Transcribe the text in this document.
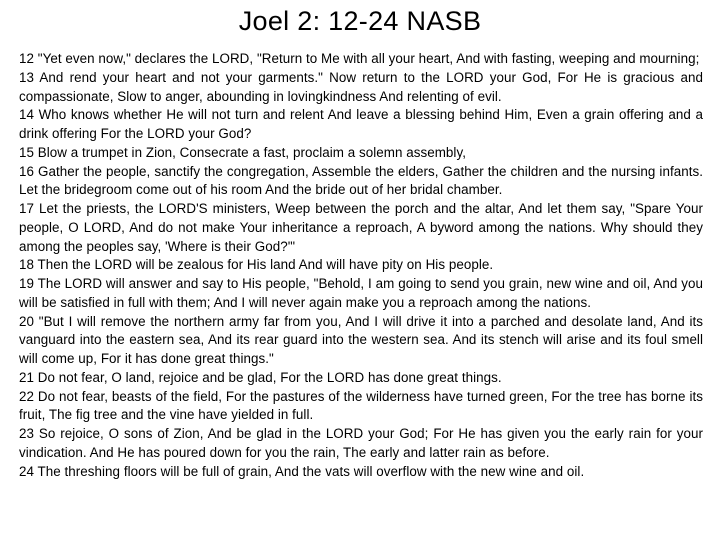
Joel 2: 12-24 NASB

12 "Yet even now," declares the LORD, "Return to Me with all your heart, And with fasting, weeping and mourning;

13 And rend your heart and not your garments." Now return to the LORD your God, For He is gracious and compassionate, Slow to anger, abounding in lovingkindness And relenting of evil.

14 Who knows whether He will not turn and relent And leave a blessing behind Him, Even a grain offering and a drink offering For the LORD your God?

15 Blow a trumpet in Zion, Consecrate a fast, proclaim a solemn assembly,

16 Gather the people, sanctify the congregation, Assemble the elders, Gather the children and the nursing infants. Let the bridegroom come out of his room And the bride out of her bridal chamber.

17 Let the priests, the LORD'S ministers, Weep between the porch and the altar, And let them say, "Spare Your people, O LORD, And do not make Your inheritance a reproach, A byword among the nations. Why should they among the peoples say, 'Where is their God?'"

18 Then the LORD will be zealous for His land And will have pity on His people.

19 The LORD will answer and say to His people, "Behold, I am going to send you grain, new wine and oil, And you will be satisfied in full with them; And I will never again make you a reproach among the nations.

20 "But I will remove the northern army far from you, And I will drive it into a parched and desolate land, And its vanguard into the eastern sea, And its rear guard into the western sea. And its stench will arise and its foul smell will come up, For it has done great things."

21 Do not fear, O land, rejoice and be glad, For the LORD has done great things.

22 Do not fear, beasts of the field, For the pastures of the wilderness have turned green, For the tree has borne its fruit, The fig tree and the vine have yielded in full.

23 So rejoice, O sons of Zion, And be glad in the LORD your God; For He has given you the early rain for your vindication. And He has poured down for you the rain, The early and latter rain as before.

24 The threshing floors will be full of grain, And the vats will overflow with the new wine and oil.
